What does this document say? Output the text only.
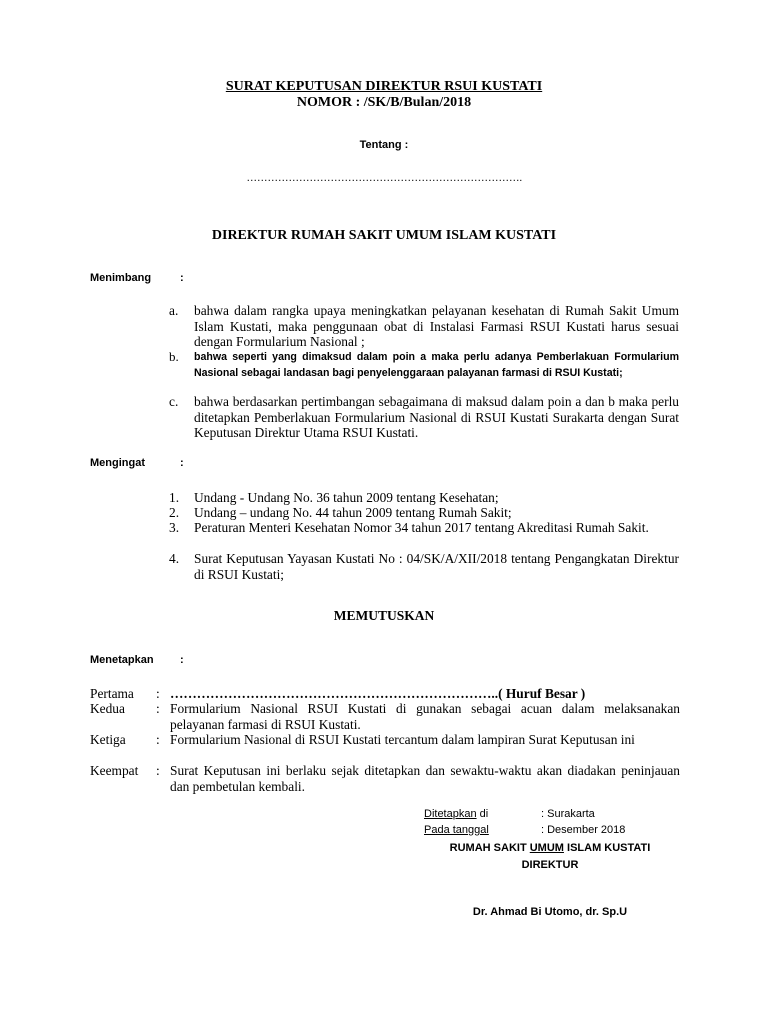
SURAT KEPUTUSAN DIREKTUR RSUI KUSTATI
NOMOR : /SK/B/Bulan/2018
Tentang :
…………………………………………………………………….
DIREKTUR RUMAH SAKIT UMUM ISLAM KUSTATI
Menimbang	:
a. bahwa dalam rangka upaya meningkatkan pelayanan kesehatan di Rumah Sakit Umum Islam Kustati, maka penggunaan obat di Instalasi Farmasi RSUI Kustati harus sesuai dengan Formularium Nasional ;
b. bahwa seperti yang dimaksud dalam poin a maka perlu adanya Pemberlakuan Formularium Nasional sebagai landasan bagi penyelenggaraan palayanan farmasi di RSUI Kustati;
c. bahwa berdasarkan pertimbangan sebagaimana di maksud dalam poin a dan b maka perlu ditetapkan Pemberlakuan Formularium Nasional di RSUI Kustati Surakarta dengan Surat Keputusan Direktur Utama RSUI Kustati.
Mengingat	:
1. Undang - Undang No. 36 tahun 2009 tentang Kesehatan;
2. Undang – undang No. 44 tahun 2009 tentang Rumah Sakit;
3. Peraturan Menteri Kesehatan Nomor 34 tahun 2017 tentang Akreditasi Rumah Sakit.
4. Surat Keputusan Yayasan Kustati No : 04/SK/A/XII/2018 tentang Pengangkatan Direktur di RSUI Kustati;
MEMUTUSKAN
Menetapkan :
Pertama : ………………………………………………………………..( Huruf Besar )
Kedua : Formularium Nasional RSUI Kustati di gunakan sebagai acuan dalam melaksanakan pelayanan farmasi di RSUI Kustati.
Ketiga : Formularium Nasional di RSUI Kustati tercantum dalam lampiran Surat Keputusan ini
Keempat : Surat Keputusan ini berlaku sejak ditetapkan dan sewaktu-waktu akan diadakan peninjauan dan pembetulan kembali.
Ditetapkan di	: Surakarta
Pada tanggal	: Desember 2018
RUMAH SAKIT UMUM ISLAM KUSTATI
DIREKTUR
Dr. Ahmad Bi Utomo, dr. Sp.U
